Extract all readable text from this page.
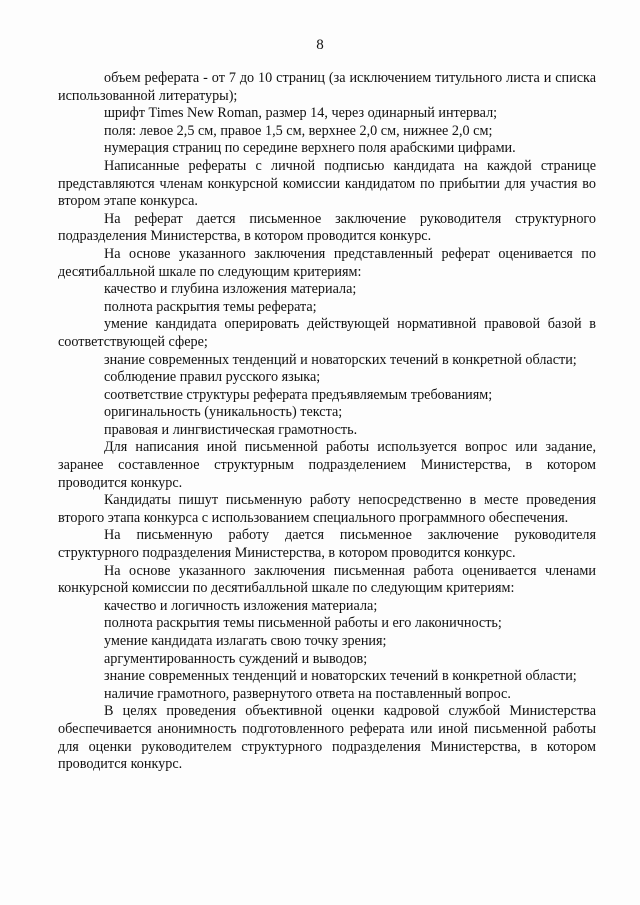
8

объем реферата - от 7 до 10 страниц (за исключением титульного листа и списка использованной литературы);

шрифт Times New Roman, размер 14, через одинарный интервал;

поля: левое 2,5 см, правое 1,5 см, верхнее 2,0 см, нижнее 2,0 см;

нумерация страниц по середине верхнего поля арабскими цифрами.

Написанные рефераты с личной подписью кандидата на каждой странице представляются членам конкурсной комиссии кандидатом по прибытии для участия во втором этапе конкурса.

На реферат дается письменное заключение руководителя структурного подразделения Министерства, в котором проводится конкурс.

На основе указанного заключения представленный реферат оценивается по десятибалльной шкале по следующим критериям:

качество и глубина изложения материала;

полнота раскрытия темы реферата;

умение кандидата оперировать действующей нормативной правовой базой в соответствующей сфере;

знание современных тенденций и новаторских течений в конкретной области;

соблюдение правил русского языка;

соответствие структуры реферата предъявляемым требованиям;

оригинальность (уникальность) текста;

правовая и лингвистическая грамотность.

Для написания иной письменной работы используется вопрос или задание, заранее составленное структурным подразделением Министерства, в котором проводится конкурс.

Кандидаты пишут письменную работу непосредственно в месте проведения второго этапа конкурса с использованием специального программного обеспечения.

На письменную работу дается письменное заключение руководителя структурного подразделения Министерства, в котором проводится конкурс.

На основе указанного заключения письменная работа оценивается членами конкурсной комиссии по десятибалльной шкале по следующим критериям:

качество и логичность изложения материала;

полнота раскрытия темы письменной работы и его лаконичность;

умение кандидата излагать свою точку зрения;

аргументированность суждений и выводов;

знание современных тенденций и новаторских течений в конкретной области;

наличие грамотного, развернутого ответа на поставленный вопрос.

В целях проведения объективной оценки кадровой службой Министерства обеспечивается анонимность подготовленного реферата или иной письменной работы для оценки руководителем структурного подразделения Министерства, в котором проводится конкурс.
